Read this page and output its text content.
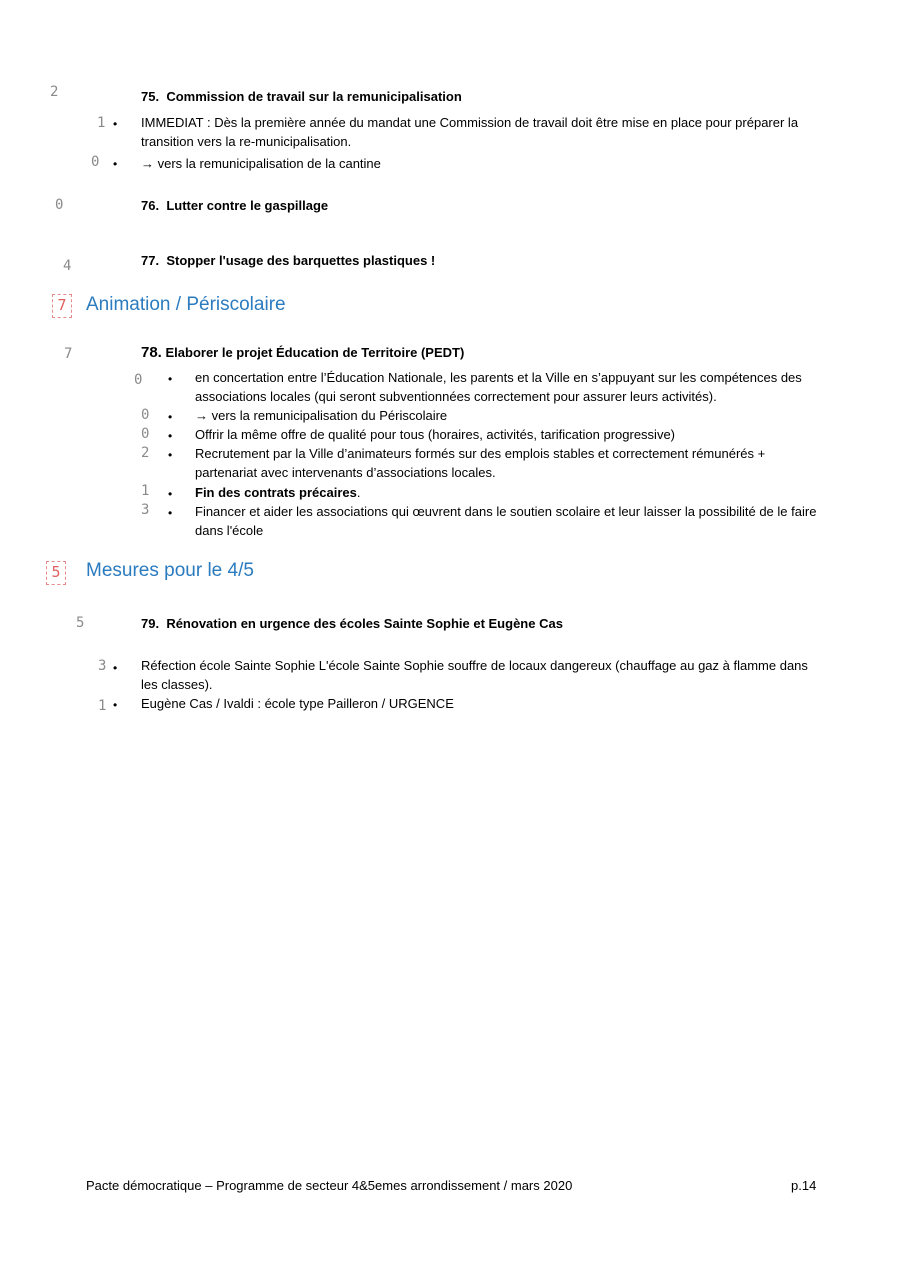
2	75. Commission de travail sur la remunicipalisation
1 • IMMEDIAT : Dès la première année du mandat une Commission de travail doit être mise en place pour préparer la transition vers la re-municipalisation.
0 • → vers la remunicipalisation de la cantine
0	76. Lutter contre le gaspillage
4	77. Stopper l'usage des barquettes plastiques !
7 Animation / Périscolaire
7	78. Elaborer le projet Éducation de Territoire (PEDT)
0 • en concertation entre l’Éducation Nationale, les parents et la Ville en s’appuyant sur les compétences des associations locales (qui seront subventionnées correctement pour assurer leurs activités).
0 • → vers la remunicipalisation du Périscolaire
0 • Offrir la même offre de qualité pour tous (horaires, activités, tarification progressive)
2 • Recrutement par la Ville d’animateurs formés sur des emplois stables et correctement rémunérés + partenariat avec intervenants d’associations locales.
1 • Fin des contrats précaires.
3 • Financer et aider les associations qui œuvrent dans le soutien scolaire et leur laisser la possibilité de le faire dans l'école
5 Mesures pour le 4/5
5	79. Rénovation en urgence des écoles Sainte Sophie et Eugène Cas
3 • Réfection école Sainte Sophie L'école Sainte Sophie souffre de locaux dangereux (chauffage au gaz à flamme dans les classes).
1 • Eugène Cas / Ivaldi : école type Pailleron / URGENCE
Pacte démocratique – Programme de secteur 4&5emes arrondissement / mars 2020	p.14
